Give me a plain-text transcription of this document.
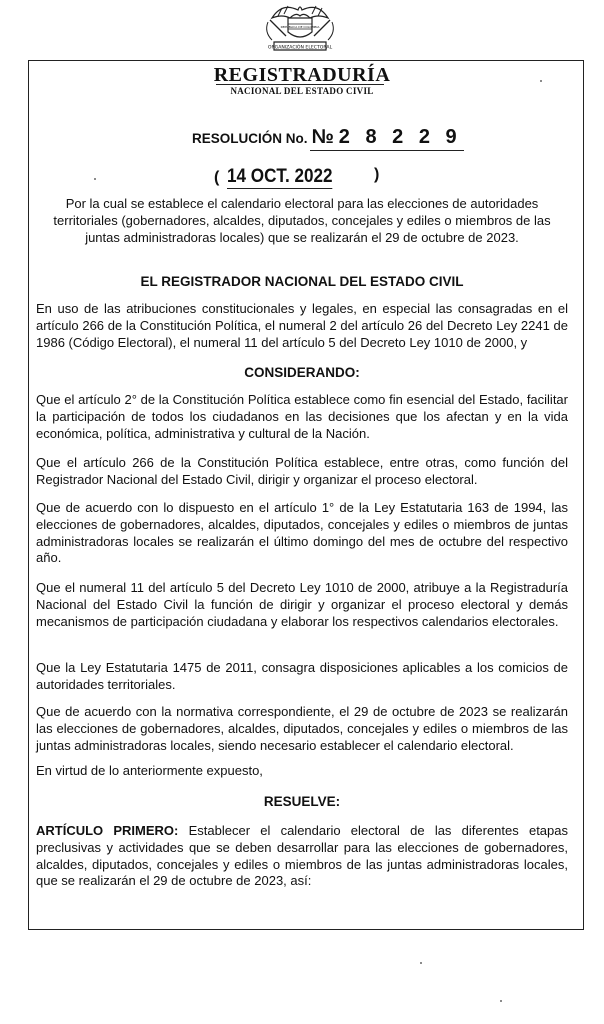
ORGANIZACIÓN ELECTORAL
REPÚBLICA DE COLOMBIA
REGISTRADURÍA
NACIONAL DEL ESTADO CIVIL
RESOLUCIÓN No. №2 8 2 2 9
( 14 OCT. 2022	)

Por la cual se establece el calendario electoral para las elecciones de autoridades territoriales (gobernadores, alcaldes, diputados, concejales y ediles o miembros de las juntas administradoras locales) que se realizarán el 29 de octubre de 2023.

EL REGISTRADOR NACIONAL DEL ESTADO CIVIL

En uso de las atribuciones constitucionales y legales, en especial las consagradas en el artículo 266 de la Constitución Política, el numeral 2 del artículo 26 del Decreto Ley 2241 de 1986 (Código Electoral), el numeral 11 del artículo 5 del Decreto Ley 1010 de 2000, y

CONSIDERANDO:

Que el artículo 2° de la Constitución Política establece como fin esencial del Estado, facilitar la participación de todos los ciudadanos en las decisiones que los afectan y en la vida económica, política, administrativa y cultural de la Nación.

Que el artículo 266 de la Constitución Política establece, entre otras, como función del Registrador Nacional del Estado Civil, dirigir y organizar el proceso electoral.

Que de acuerdo con lo dispuesto en el artículo 1° de la Ley Estatutaria 163 de 1994, las elecciones de gobernadores, alcaldes, diputados, concejales y ediles o miembros de juntas administradoras locales se realizarán el último domingo del mes de octubre del respectivo año.

Que el numeral 11 del artículo 5 del Decreto Ley 1010 de 2000, atribuye a la Registraduría Nacional del Estado Civil la función de dirigir y organizar el proceso electoral y demás mecanismos de participación ciudadana y elaborar los respectivos calendarios electorales.

Que la Ley Estatutaria 1475 de 2011, consagra disposiciones aplicables a los comicios de autoridades territoriales.

Que de acuerdo con la normativa correspondiente, el 29 de octubre de 2023 se realizarán las elecciones de gobernadores, alcaldes, diputados, concejales y ediles o miembros de las juntas administradoras locales, siendo necesario establecer el calendario electoral.

En virtud de lo anteriormente expuesto,

RESUELVE:

ARTÍCULO PRIMERO: Establecer el calendario electoral de las diferentes etapas preclusivas y actividades que se deben desarrollar para las elecciones de gobernadores, alcaldes, diputados, concejales y ediles o miembros de las juntas administradoras locales, que se realizarán el 29 de octubre de 2023, así:
